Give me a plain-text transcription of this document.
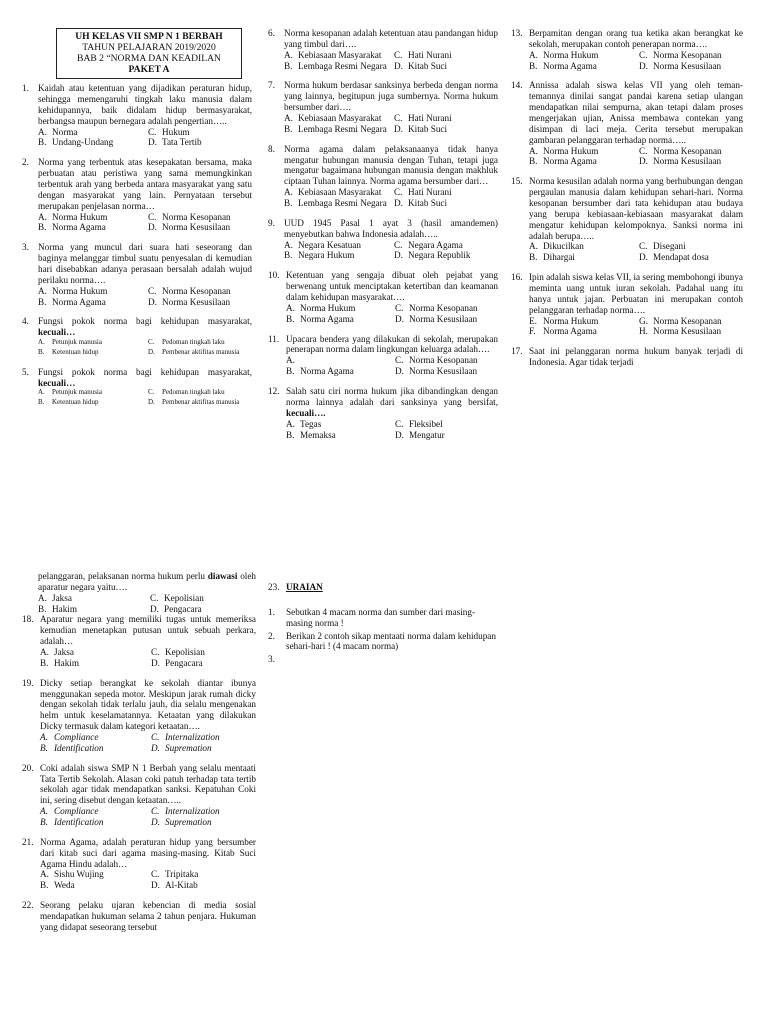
UH KELAS VII SMP N 1 BERBAH
TAHUN PELAJARAN 2019/2020
BAB 2 “NORMA DAN KEADILAN
PAKET A
1. Kaidah atau ketentuan yang dijadikan peraturan hidup, sehingga memengaruhi tingkah laku manusia dalam kehidupannya, baik didalam hidup bermasyarakat, berbangsa maupun bernegara adalah pengertian…..
A. Norma	C. Hukum
B. Undang-Undang	D. Tata Tertib
2. Norma yang terbentuk atas kesepakatan bersama, maka perbuatan atau peristiwa yang sama memungkinkan terbentuk arah yang berbeda antara masyarakat yang satu dengan masyarakat yang lain. Pernyataan tersebut merupakan penjelasan norma…
A. Norma Hukum	C. Norma Kesopanan
B. Norma Agama	D. Norma Kesusilaan
3. Norma yang muncul dari suara hati seseorang dan baginya melanggar timbul suatu penyesalan di kemudian hari disebabkan adanya perasaan bersalah adalah wujud perilaku norma….
A. Norma Hukum	C. Norma Kesopanan
B. Norma Agama	D. Norma Kesusilaan
4. Fungsi pokok norma bagi kehidupan masyarakat, kecuali…
A.	Petunjuk manusia	C.	Pedoman tingkah laku
B.	Ketentuan hidup	D.	Pembenar aktifitas manusia
5. Fungsi pokok norma bagi kehidupan masyarakat, kecuali…
A.	Petunjuk manusia	C.	Pedoman tingkah laku
B.	Ketentuan hidup	D.	Pembenar aktifitas manusia
6. Norma kesopanan adalah ketentuan atau pandangan hidup yang timbul dari….
A. Kebiasaan Masyarakat C. Hati Nurani
B. Lembaga Resmi Negara D. Kitab Suci
7. Norma hukum berdasar sanksinya berbeda dengan norma yang lainnya, begitupun juga sumbernya. Norma hukum bersumber dari….
A. Kebiasaan Masyarakat C. Hati Nurani
B. Lembaga Resmi Negara D. Kitab Suci
8. Norma agama dalam pelaksanaanya tidak hanya mengatur hubungan manusia dengan Tuhan, tetapi juga mengatur bagaimana hubungan manusia dengan makhluk ciptaan Tuhan lainnya. Norma agama bersumber dari…
A. Kebiasaan Masyarakat C. Hati Nurani
B. Lembaga Resmi Negara D. Kitab Suci
9. UUD 1945 Pasal 1 ayat 3 (hasil amandemen) menyebutkan bahwa Indonesia adalah…..
A. Negara Kesatuan	C. Negara Agama
B. Negara Hukum	D. Negara Republik
10. Ketentuan yang sengaja dibuat oleh pejabat yang berwenang untuk menciptakan ketertiban dan keamanan dalam kehidupan masyarakat….
A. Norma Hukum	C. Norma Kesopanan
B. Norma Agama	D. Norma Kesusilaan
11. Upacara bendera yang dilakukan di sekolah, merupakan penerapan norma dalam lingkungan keluarga adalah….
A.	C. Norma Kesopanan
B. Norma Agama	D. Norma Kesusilaan
12. Salah satu ciri norma hukum jika dibandingkan dengan norma lainnya adalah dari sanksinya yang bersifat, kecuali….
A. Tegas	C. Fleksibel
B. Memaksa	D. Mengatur
13. Berpamitan dengan orang tua ketika akan berangkat ke sekolah, merupakan contoh penerapan norma….
A. Norma Hukum	C. Norma Kesopanan
B. Norma Agama	D. Norma Kesusilaan
14. Annissa adalah siswa kelas VII yang oleh teman-temannya dinilai sangat pandai karena setiap ulangan mendapatkan nilai sempurna, akan tetapi dalam proses mengerjakan ujian, Anissa membawa contekan yang disimpan di laci meja. Cerita tersebut merupakan gambaran pelanggaran terhadap norma…..
A. Norma Hukum	C. Norma Kesopanan
B. Norma Agama	D. Norma Kesusilaan
15. Norma kesusilan adalah norma yang berhubungan dengan pergaulan manusia dalam kehidupan sehari-hari. Norma kesopanan bersumber dari tata kehidupan atau budaya yang berupa kebiasaan-kebiasaan masyarakat dalam mengatur kehidupan kelompoknya. Sanksi norma ini adalah berupa…..
A. Dikucilkan	C. Disegani
B. Dihargai	D. Mendapat dosa
16. Ipin adalah siswa kelas VII, ia sering membohongi ibunya meminta uang untuk iuran sekolah. Padahal uang itu hanya untuk jajan. Perbuatan ini merupakan contoh pelanggaran terhadap norma….
E. Norma Hukum	G. Norma Kesopanan
F. Norma Agama	H. Norma Kesusilaan
17. Saat ini pelanggaran norma hukum banyak terjadi di Indonesia. Agar tidak terjadi
pelanggaran, pelaksanan norma hukum perlu diawasi oleh aparatur negara yaitu….
A. Jaksa	C. Kepolisian
B. Hakim	D. Pengacara
18. Aparatur negara yang memiliki tugas untuk memeriksa kemudian menetapkan putusan untuk sebuah perkara, adalah…
A. Jaksa	C. Kepolisian
B. Hakim	D. Pengacara
19. Dicky setiap berangkat ke sekolah diantar ibunya menggunakan sepeda motor. Meskipun jarak rumah dicky dengan sekolah tidak terlalu jauh, dia selalu mengenakan helm untuk keselamatannya. Ketaatan yang dilakukan Dicky termasuk dalam kategori ketaatan….
A. Compliance	C. Internalization
B. Identification	D. Supremation
20. Coki adalah siswa SMP N 1 Berbah yang selalu mentaati Tata Tertib Sekolah. Alasan coki patuh terhadap tata tertib sekolah agar tidak mendapatkan sanksi. Kepatuhan Coki ini, sering disebut dengan ketaatan…..
A. Compliance	C. Internalization
B. Identification	D. Supremation
21. Norma Agama, adalah peraturan hidup yang bersumber dari kitab suci dari agama masing-masing. Kitab Suci Agama Hindu adalah…
A. Sishu Wujing	C. Tripitaka
B. Weda	D. Al-Kitab
22. Seorang pelaku ujaran kebencian di media sosial mendapatkan hukuman selama 2 tahun penjara. Hukuman yang didapat seseorang tersebut
23. URAIAN
1.	Sebutkan 4 macam norma dan sumber dari masing-masing norma !
2.	Berikan 2 contoh sikap mentaati norma dalam kehidupan sehari-hari ! (4 macam norma)
3.
